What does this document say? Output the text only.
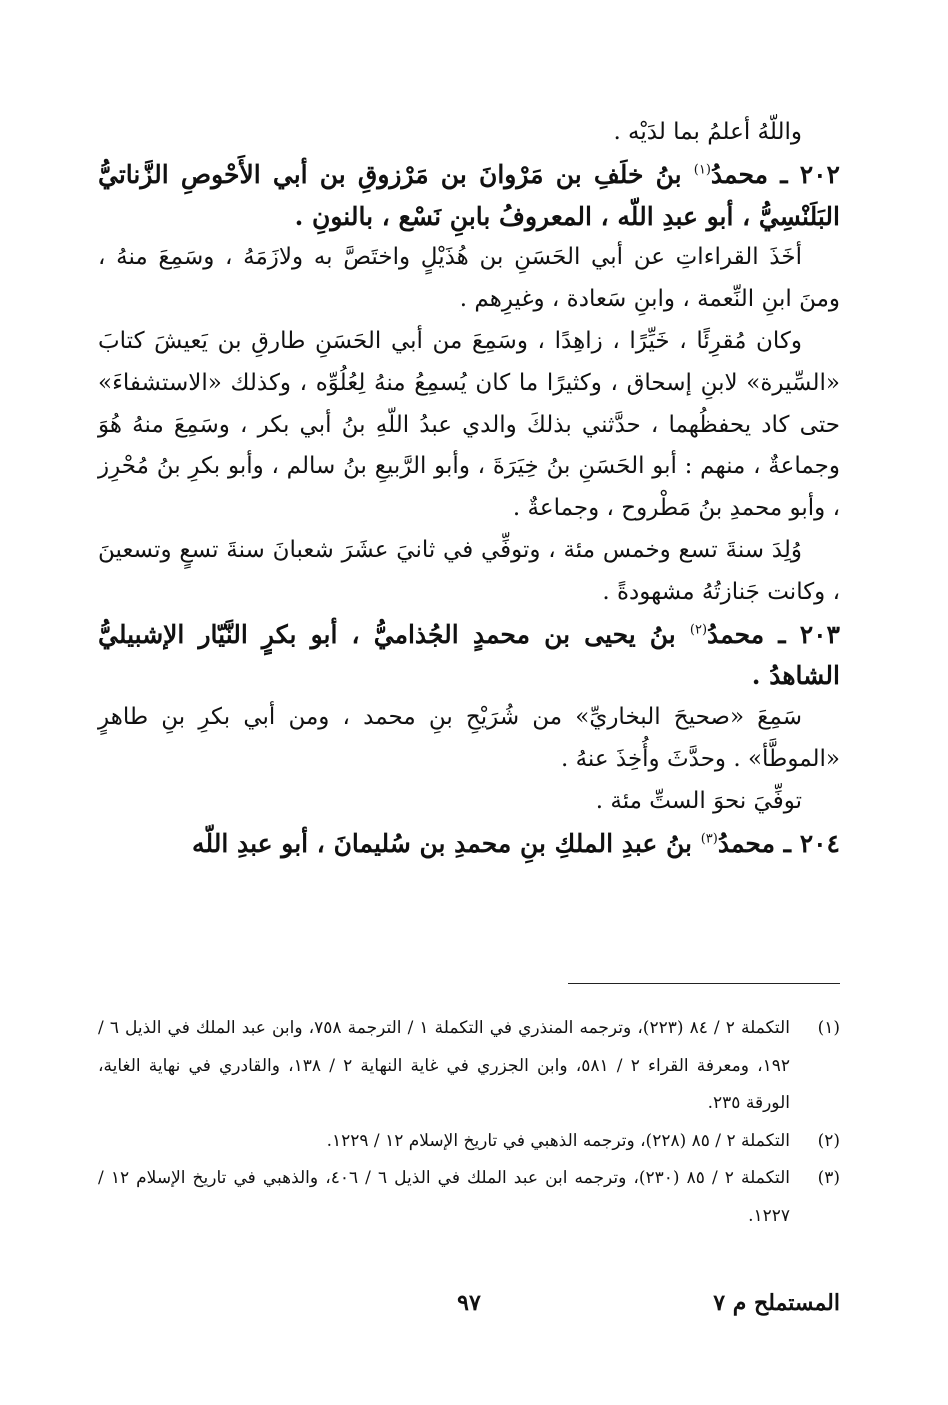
واللّهُ أعلمُ بما لدَيْه .

٢٠٢ ـ محمدُ$^{(١)}$ بنُ خلَفِ بن مَرْوانَ بن مَرْزوقِ بن أبي الأَحْوصِ الزَّناتيُّ البَلَنْسِيُّ ، أبو عبدِ اللّه ، المعروفُ بابنِ نَسْع ، بالنونِ .

أخَذَ القراءاتِ عن أبي الحَسَنِ بن هُذَيْلٍ واختَصَّ به ولازَمَهُ ، وسَمِعَ منهُ ، ومنَ ابنِ النِّعمة ، وابنِ سَعادة ، وغيرِهم .

وكان مُقرِئًا ، خَيِّرًا ، زاهِدًا ، وسَمِعَ من أبي الحَسَنِ طارقِ بن يَعيشَ كتابَ «السِّيرة» لابنِ إسحاق ، وكثيرًا ما كان يُسمِعُ منهُ لِعُلُوِّه ، وكذلك «الاستشفاءَ» حتى كاد يحفظُهما ، حدَّثني بذلكَ والدي عبدُ اللّهِ بنُ أبي بكر ، وسَمِعَ منهُ هُوَ وجماعةٌ ، منهم : أبو الحَسَنِ بنُ خِيَرَةَ ، وأبو الرَّبيعِ بنُ سالم ، وأبو بكرِ بنُ مُحْرِز ، وأبو محمدِ بنُ مَطْروح ، وجماعةٌ .

وُلِدَ سنةَ تسع وخمس مئة ، وتوفِّي في ثانيَ عشَرَ شعبانَ سنةَ تسعٍ وتسعينَ ، وكانت جَنازتُهُ مشهودةً .

٢٠٣ ـ محمدُ$^{(٢)}$ بنُ يحيى بن محمدٍ الجُذاميُّ ، أبو بكرٍ النَّيّار الإشبيليُّ الشاهدُ .

سَمِعَ «صحيحَ البخاريِّ» من شُرَيْحِ بنِ محمد ، ومن أبي بكرِ بنِ طاهرٍ «الموطَّأ» . وحدَّثَ وأُخِذَ عنهُ .

توفِّيَ نحوَ الستِّ مئة .

٢٠٤ ـ محمدُ$^{(٣)}$ بنُ عبدِ الملكِ بنِ محمدِ بن سُليمانَ ، أبو عبدِ اللّه

(١)
التكملة ٢ / ٨٤ (٢٢٣)، وترجمه المنذري في التكملة ١ / الترجمة ٧٥٨، وابن عبد الملك في الذيل ٦ / ١٩٢، ومعرفة القراء ٢ / ٥٨١، وابن الجزري في غاية النهاية ٢ / ١٣٨، والقادري في نهاية الغاية، الورقة ٢٣٥.
(٢)
التكملة ٢ / ٨٥ (٢٢٨)، وترجمه الذهبي في تاريخ الإسلام ١٢ / ١٢٢٩.
(٣)
التكملة ٢ / ٨٥ (٢٣٠)، وترجمه ابن عبد الملك في الذيل ٦ / ٤٠٦، والذهبي في تاريخ الإسلام ١٢ / ١٢٢٧.
المستملح م ٧
٩٧
